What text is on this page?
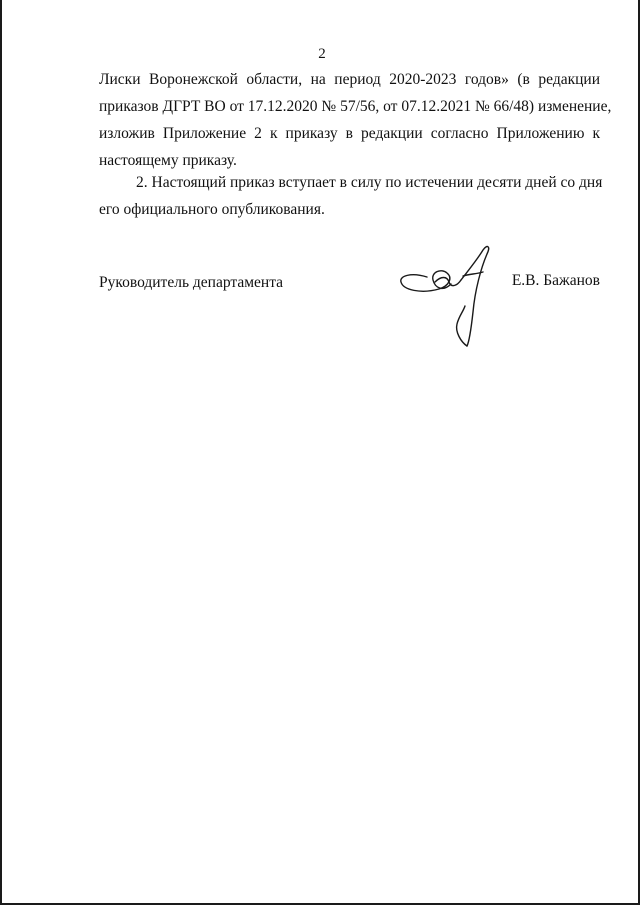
2
Лиски Воронежской области, на период 2020-2023 годов» (в редакции
приказов ДГРТ ВО от 17.12.2020 № 57/56, от 07.12.2021 № 66/48) изменение,
изложив Приложение 2 к приказу в редакции согласно Приложению к
настоящему приказу.
2. Настоящий приказ вступает в силу по истечении десяти дней со дня
его официального опубликования.
Руководитель департамента	Е.В. Бажанов
